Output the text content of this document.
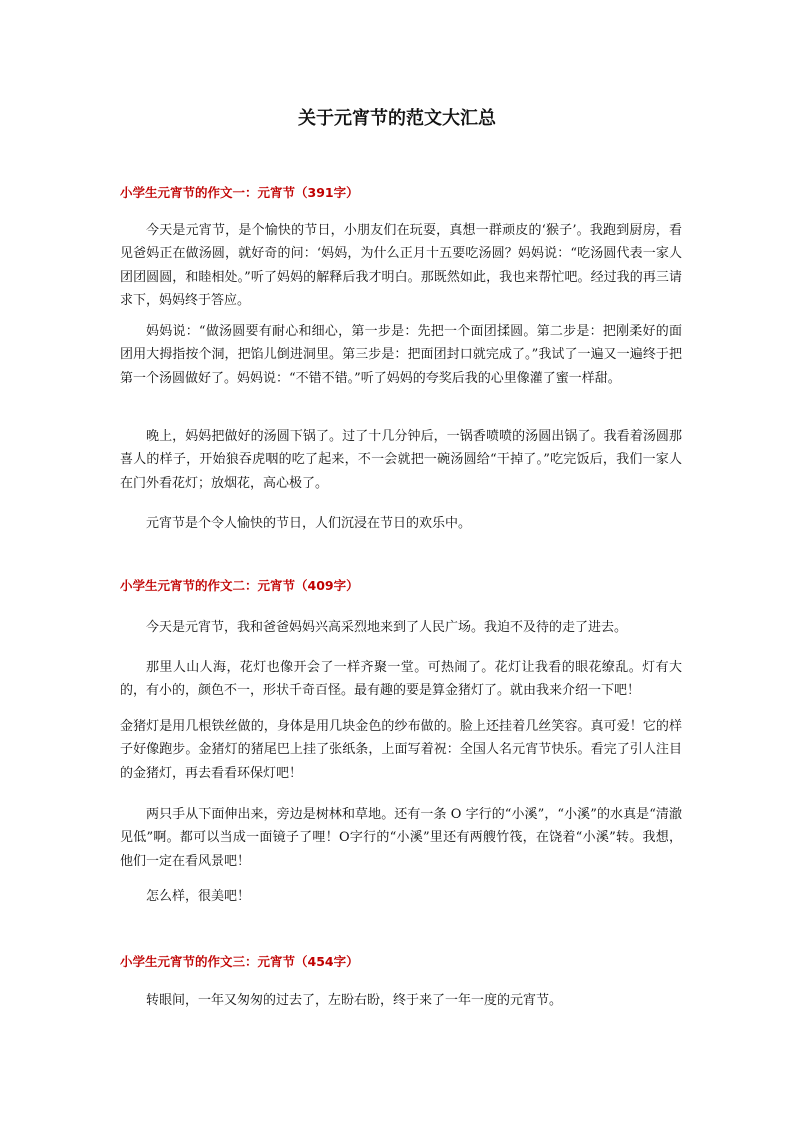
关于元宵节的范文大汇总
小学生元宵节的作文一：元宵节（391字）

今天是元宵节，是个愉快的节日，小朋友们在玩耍，真想一群顽皮的‘猴子’。我跑到厨房，看见爸妈正在做汤圆，就好奇的问：‘妈妈，为什么正月十五要吃汤圆？妈妈说：“吃汤圆代表一家人团团圆圆，和睦相处。”听了妈妈的解释后我才明白。那既然如此，我也来帮忙吧。经过我的再三请求下，妈妈终于答应。

妈妈说：“做汤圆要有耐心和细心，第一步是：先把一个面团揉圆。第二步是：把刚柔好的面团用大拇指按个洞，把馅儿倒进洞里。第三步是：把面团封口就完成了。”我试了一遍又一遍终于把第一个汤圆做好了。妈妈说：“不错不错。”听了妈妈的夸奖后我的心里像灌了蜜一样甜。

晚上，妈妈把做好的汤圆下锅了。过了十几分钟后，一锅香喷喷的汤圆出锅了。我看着汤圆那喜人的样子，开始狼吞虎咽的吃了起来，不一会就把一碗汤圆给“干掉了。”吃完饭后，我们一家人在门外看花灯；放烟花，高心极了。

元宵节是个令人愉快的节日，人们沉浸在节日的欢乐中。

小学生元宵节的作文二：元宵节（409字）

今天是元宵节，我和爸爸妈妈兴高采烈地来到了人民广场。我迫不及待的走了进去。

那里人山人海，花灯也像开会了一样齐聚一堂。可热闹了。花灯让我看的眼花缭乱。灯有大的，有小的，颜色不一，形状千奇百怪。最有趣的要是算金猪灯了。就由我来介绍一下吧！

金猪灯是用几根铁丝做的，身体是用几块金色的纱布做的。脸上还挂着几丝笑容。真可爱！它的样子好像跑步。金猪灯的猪尾巴上挂了张纸条，上面写着祝：全国人名元宵节快乐。看完了引人注目的金猪灯，再去看看环保灯吧！

两只手从下面伸出来，旁边是树林和草地。还有一条 O 字行的“小溪”，“小溪”的水真是“清澈见低”啊。都可以当成一面镜子了哩！O字行的“小溪”里还有两艘竹筏，在饶着“小溪”转。我想，他们一定在看风景吧！

怎么样，很美吧！

小学生元宵节的作文三：元宵节（454字）

转眼间，一年又匆匆的过去了，左盼右盼，终于来了一年一度的元宵节。
